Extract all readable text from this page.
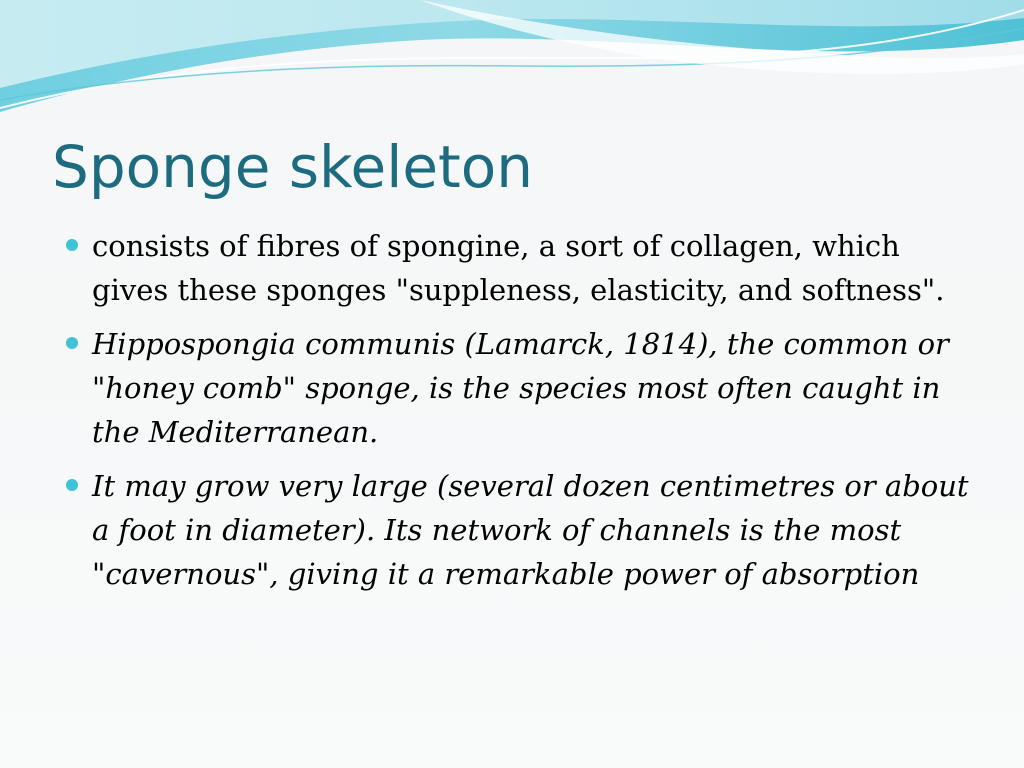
Sponge skeleton
consists of fibres of spongine, a sort of collagen, which gives these sponges "suppleness, elasticity, and softness".
Hippospongia communis (Lamarck, 1814), the common or "honey comb" sponge, is the species most often caught in the Mediterranean.
It may grow very large (several dozen centimetres or about a foot in diameter). Its network of channels is the most "cavernous", giving it a remarkable power of absorption
